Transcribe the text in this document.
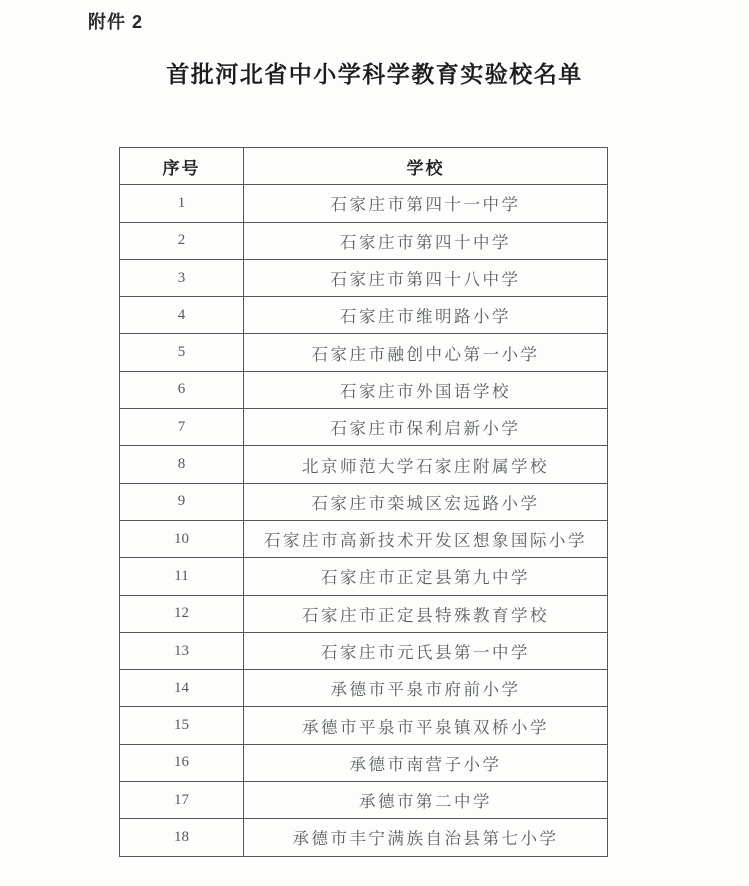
附件 2
首批河北省中小学科学教育实验校名单
序号	学校
1	石家庄市第四十一中学
2	石家庄市第四十中学
3	石家庄市第四十八中学
4	石家庄市维明路小学
5	石家庄市融创中心第一小学
6	石家庄市外国语学校
7	石家庄市保利启新小学
8	北京师范大学石家庄附属学校
9	石家庄市栾城区宏远路小学
10	石家庄市高新技术开发区想象国际小学
11	石家庄市正定县第九中学
12	石家庄市正定县特殊教育学校
13	石家庄市元氏县第一中学
14	承德市平泉市府前小学
15	承德市平泉市平泉镇双桥小学
16	承德市南营子小学
17	承德市第二中学
18	承德市丰宁满族自治县第七小学
